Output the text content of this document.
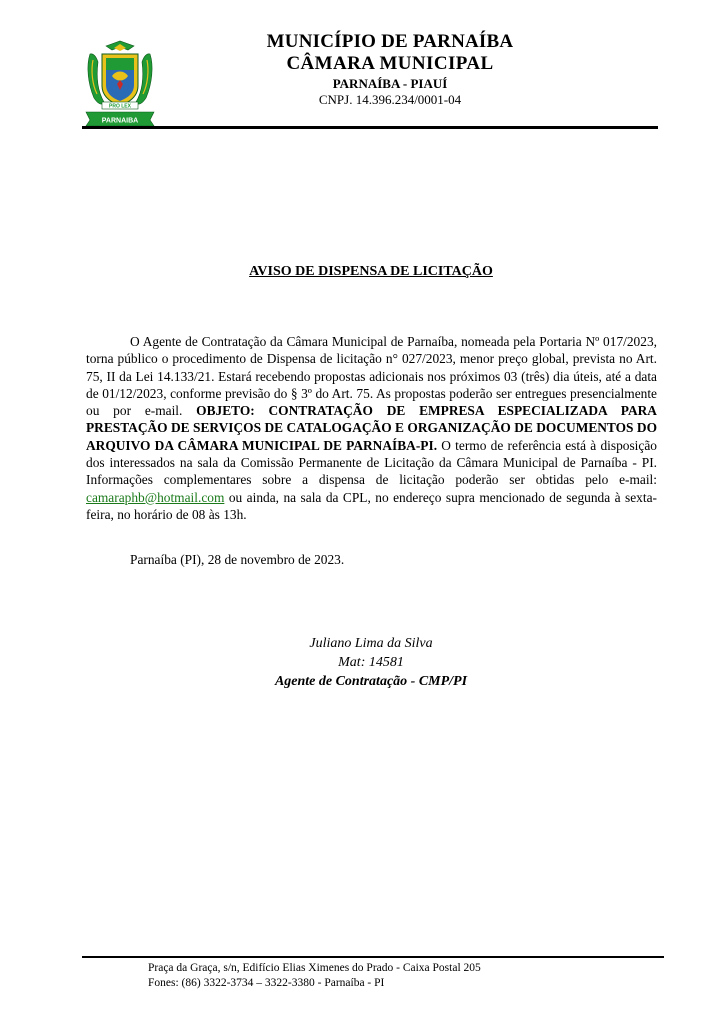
PRO LEX
PARNAIBA
MUNICÍPIO DE PARNAÍBA
CÂMARA MUNICIPAL
PARNAÍBA - PIAUÍ
CNPJ. 14.396.234/0001-04
AVISO DE DISPENSA DE LICITAÇÃO

O Agente de Contratação da Câmara Municipal de Parnaíba, nomeada pela Portaria Nº 017/2023, torna público o procedimento de Dispensa de licitação n° 027/2023, menor preço global, prevista no Art. 75, II da Lei 14.133/21. Estará recebendo propostas adicionais nos próximos 03 (três) dia úteis, até a data de 01/12/2023, conforme previsão do § 3º do Art. 75. As propostas poderão ser entregues presencialmente ou por e-mail. OBJETO: CONTRATAÇÃO DE EMPRESA ESPECIALIZADA PARA PRESTAÇÃO DE SERVIÇOS DE CATALOGAÇÃO E ORGANIZAÇÃO DE DOCUMENTOS DO ARQUIVO DA CÂMARA MUNICIPAL DE PARNAÍBA-PI. O termo de referência está à disposição dos interessados na sala da Comissão Permanente de Licitação da Câmara Municipal de Parnaíba - PI. Informações complementares sobre a dispensa de licitação poderão ser obtidas pelo e-mail: camaraphb@hotmail.com ou ainda, na sala da CPL, no endereço supra mencionado de segunda à sexta-feira, no horário de 08 às 13h.

Parnaíba (PI), 28 de novembro de 2023.
Juliano Lima da Silva
Mat: 14581
Agente de Contratação - CMP/PI
Praça da Graça, s/n, Edifício Elias Ximenes do Prado - Caixa Postal 205
Fones: (86) 3322-3734 – 3322-3380 - Parnaíba - PI
